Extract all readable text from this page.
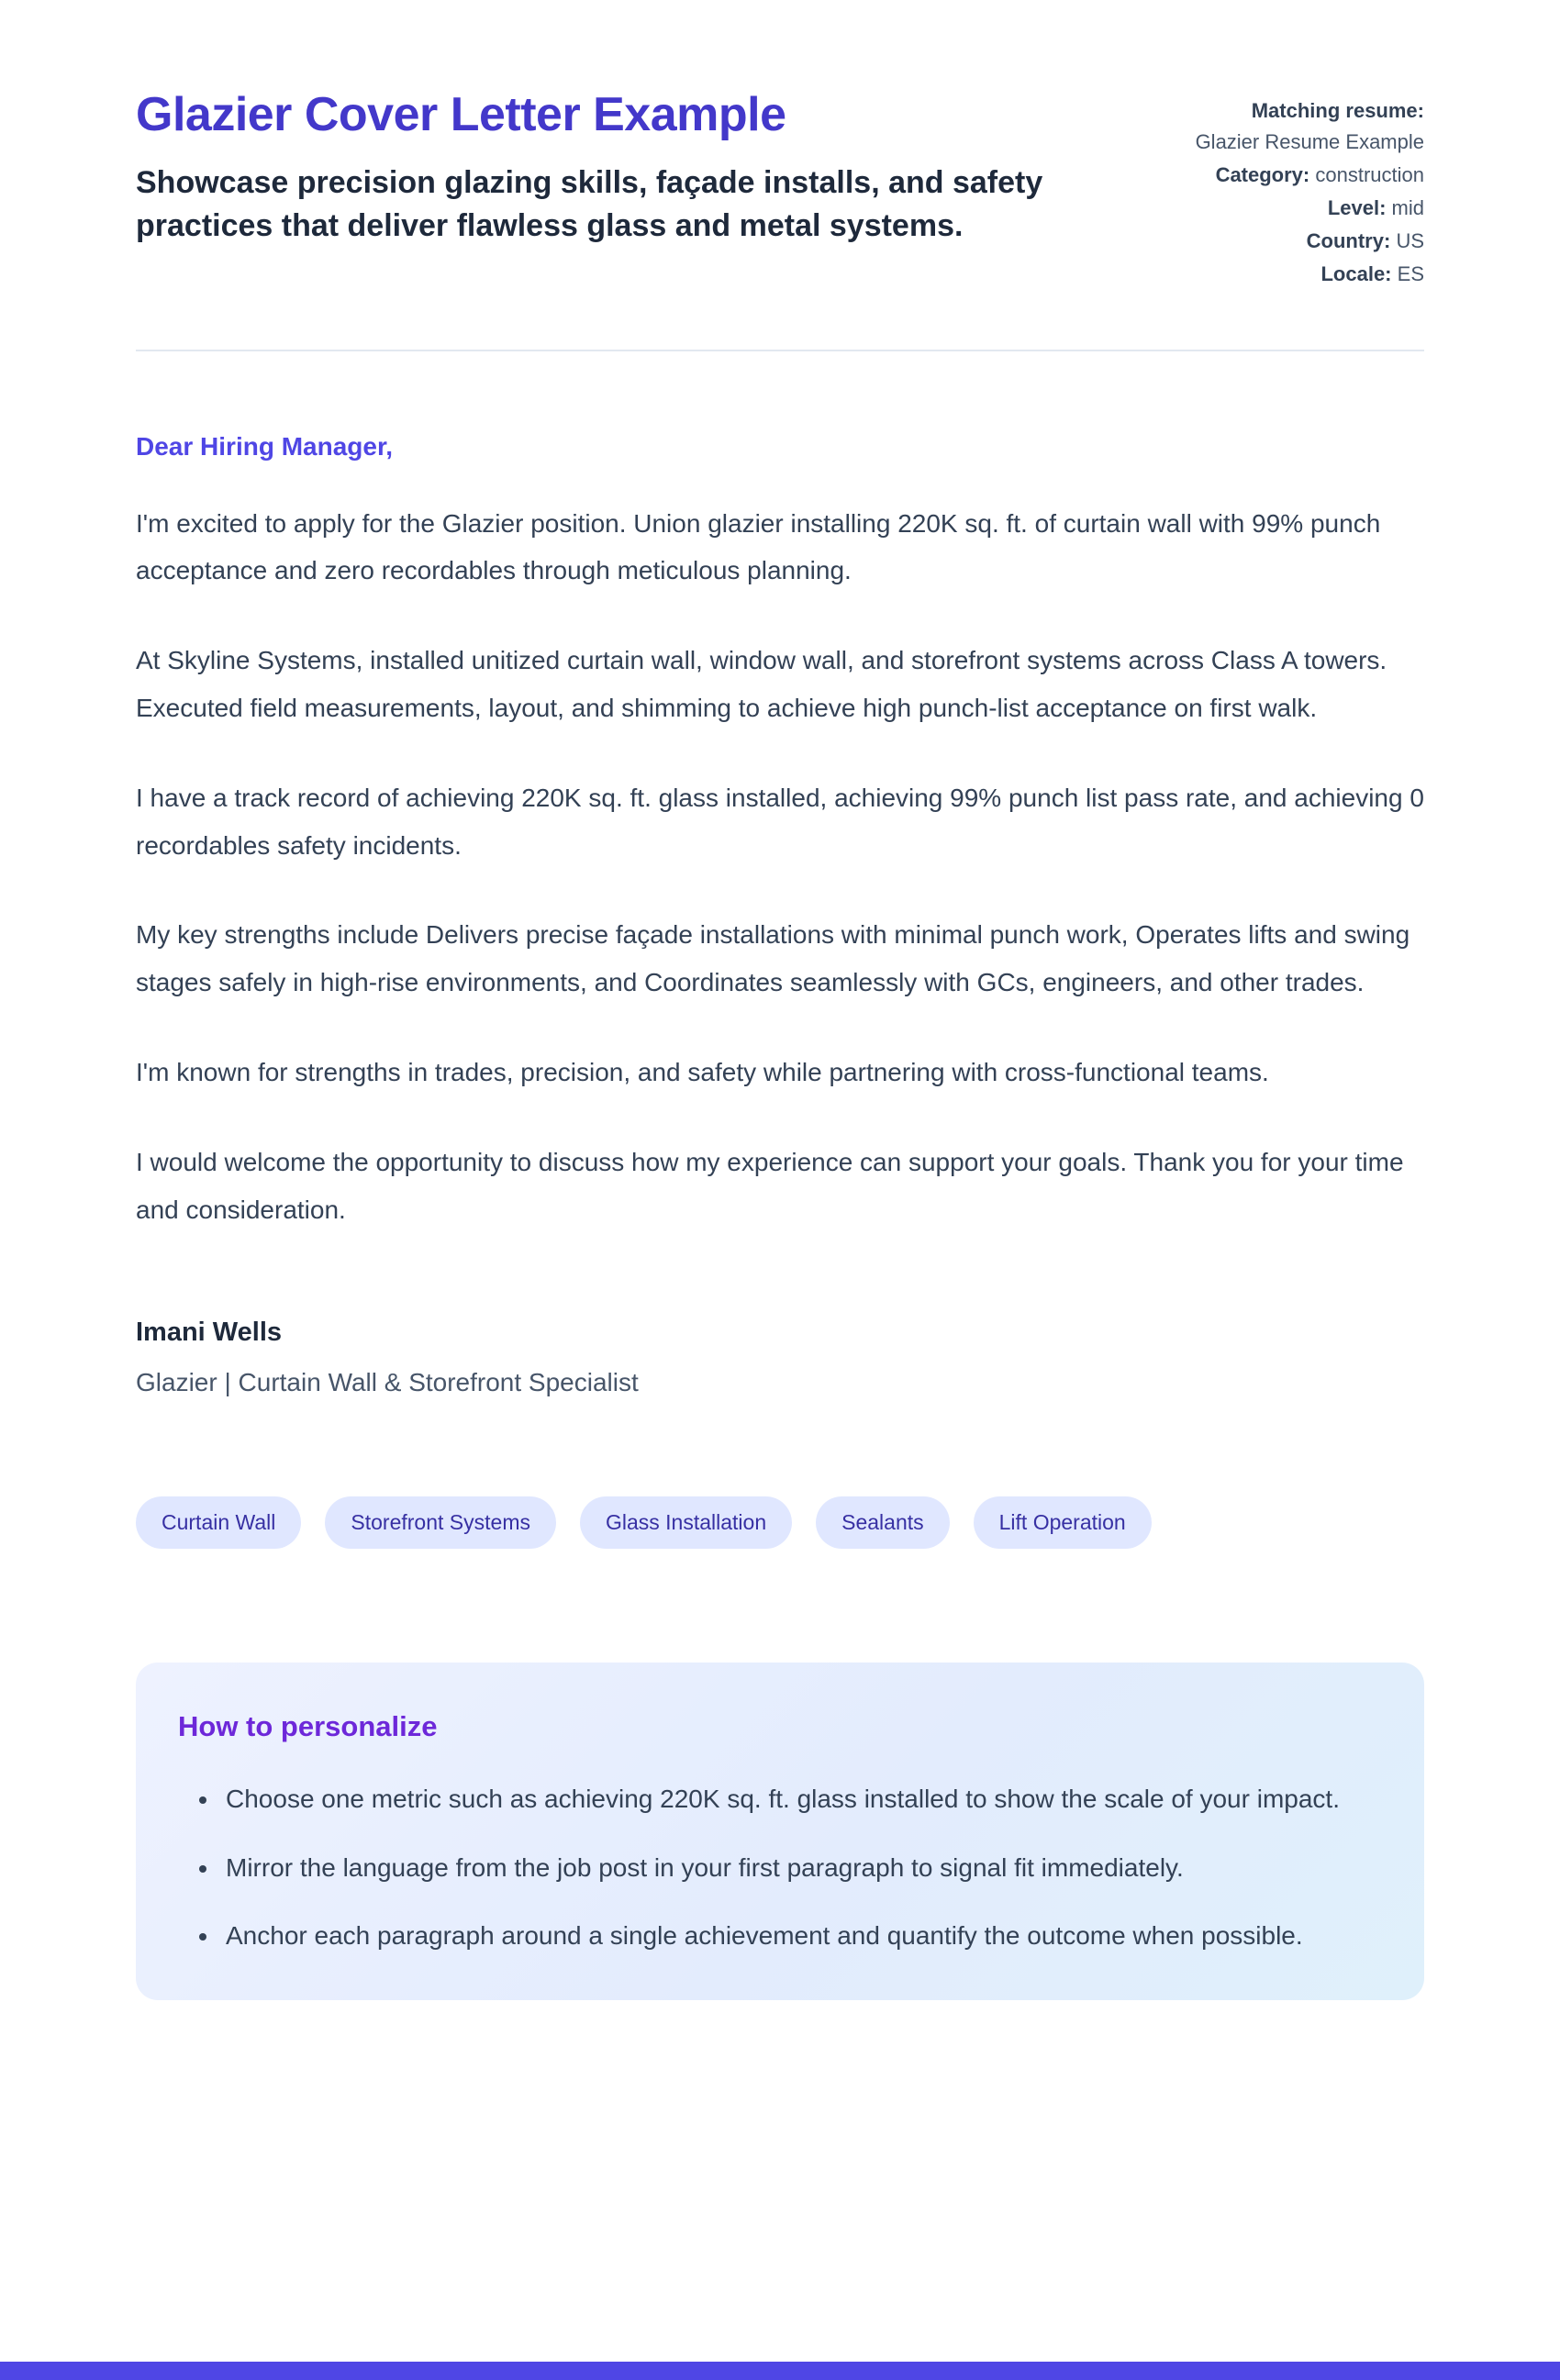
Glazier Cover Letter Example
Showcase precision glazing skills, façade installs, and safety practices that deliver flawless glass and metal systems.
Matching resume: Glazier Resume Example
Category: construction
Level: mid
Country: US
Locale: ES

Dear Hiring Manager,

I'm excited to apply for the Glazier position. Union glazier installing 220K sq. ft. of curtain wall with 99% punch acceptance and zero recordables through meticulous planning.

At Skyline Systems, installed unitized curtain wall, window wall, and storefront systems across Class A towers. Executed field measurements, layout, and shimming to achieve high punch-list acceptance on first walk.

I have a track record of achieving 220K sq. ft. glass installed, achieving 99% punch list pass rate, and achieving 0 recordables safety incidents.

My key strengths include Delivers precise façade installations with minimal punch work, Operates lifts and swing stages safely in high-rise environments, and Coordinates seamlessly with GCs, engineers, and other trades.

I'm known for strengths in trades, precision, and safety while partnering with cross-functional teams.

I would welcome the opportunity to discuss how my experience can support your goals. Thank you for your time and consideration.

Imani Wells

Glazier | Curtain Wall & Storefront Specialist

Curtain Wall	Storefront Systems	Glass Installation	Sealants	Lift Operation
How to personalize
• Choose one metric such as achieving 220K sq. ft. glass installed to show the scale of your impact.
• Mirror the language from the job post in your first paragraph to signal fit immediately.
• Anchor each paragraph around a single achievement and quantify the outcome when possible.
